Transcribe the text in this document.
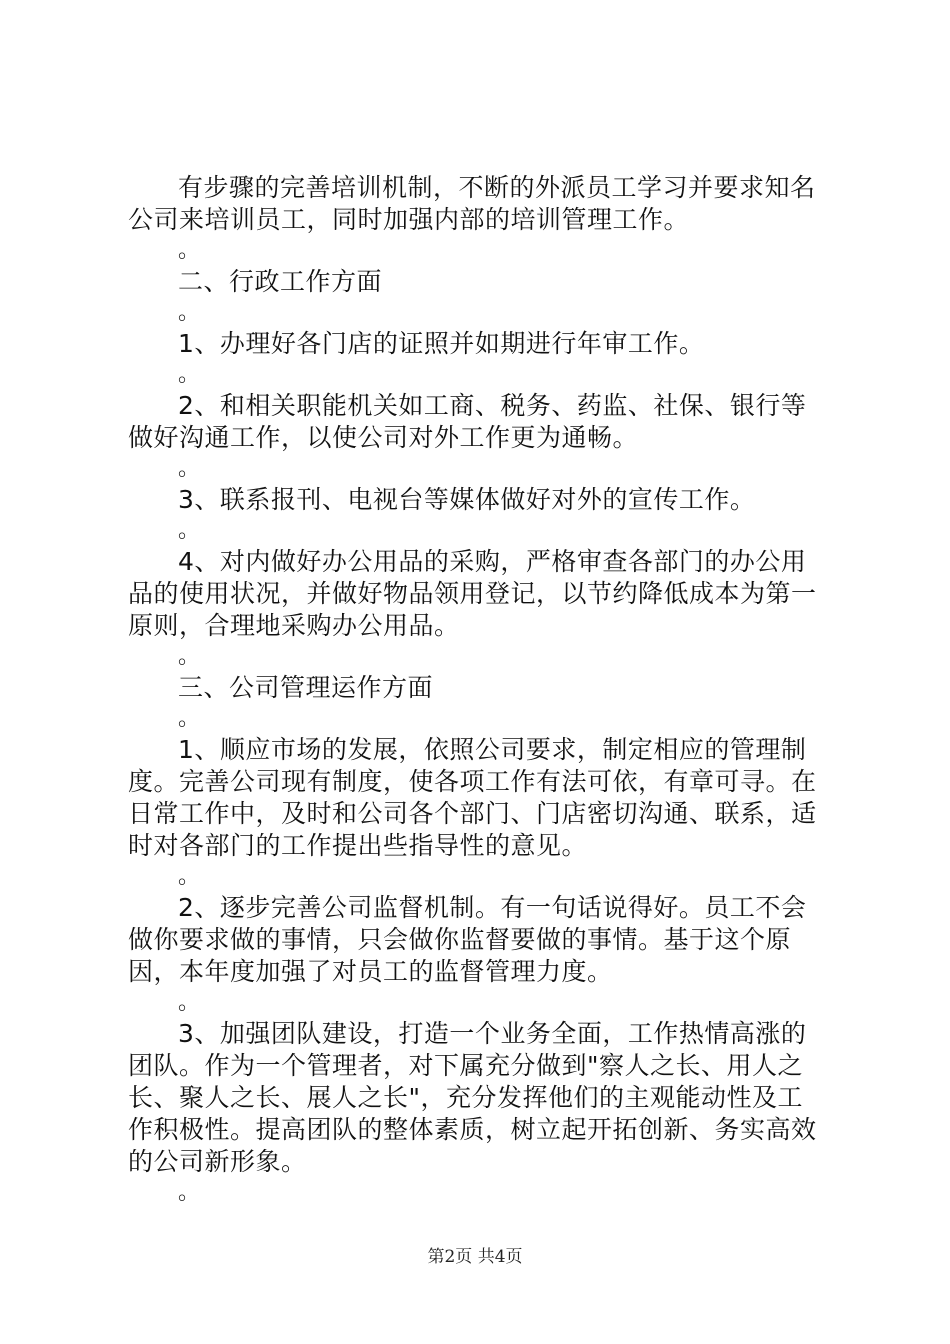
有步骤的完善培训机制，不断的外派员工学习并要求知名公司来培训员工，同时加强内部的培训管理工作。

。

二、行政工作方面

。

1、办理好各门店的证照并如期进行年审工作。

。

2、和相关职能机关如工商、税务、药监、社保、银行等做好沟通工作，以使公司对外工作更为通畅。

。

3、联系报刊、电视台等媒体做好对外的宣传工作。

。

4、对内做好办公用品的采购，严格审查各部门的办公用品的使用状况，并做好物品领用登记，以节约降低成本为第一原则，合理地采购办公用品。

。

三、公司管理运作方面

。

1、顺应市场的发展，依照公司要求，制定相应的管理制度。完善公司现有制度，使各项工作有法可依，有章可寻。在日常工作中，及时和公司各个部门、门店密切沟通、联系，适时对各部门的工作提出些指导性的意见。

。

2、逐步完善公司监督机制。有一句话说得好。员工不会做你要求做的事情，只会做你监督要做的事情。基于这个原因，本年度加强了对员工的监督管理力度。

。

3、加强团队建设，打造一个业务全面，工作热情高涨的团队。作为一个管理者，对下属充分做到"察人之长、用人之长、聚人之长、展人之长"，充分发挥他们的主观能动性及工作积极性。提高团队的整体素质，树立起开拓创新、务实高效的公司新形象。

。

第2页 共4页
